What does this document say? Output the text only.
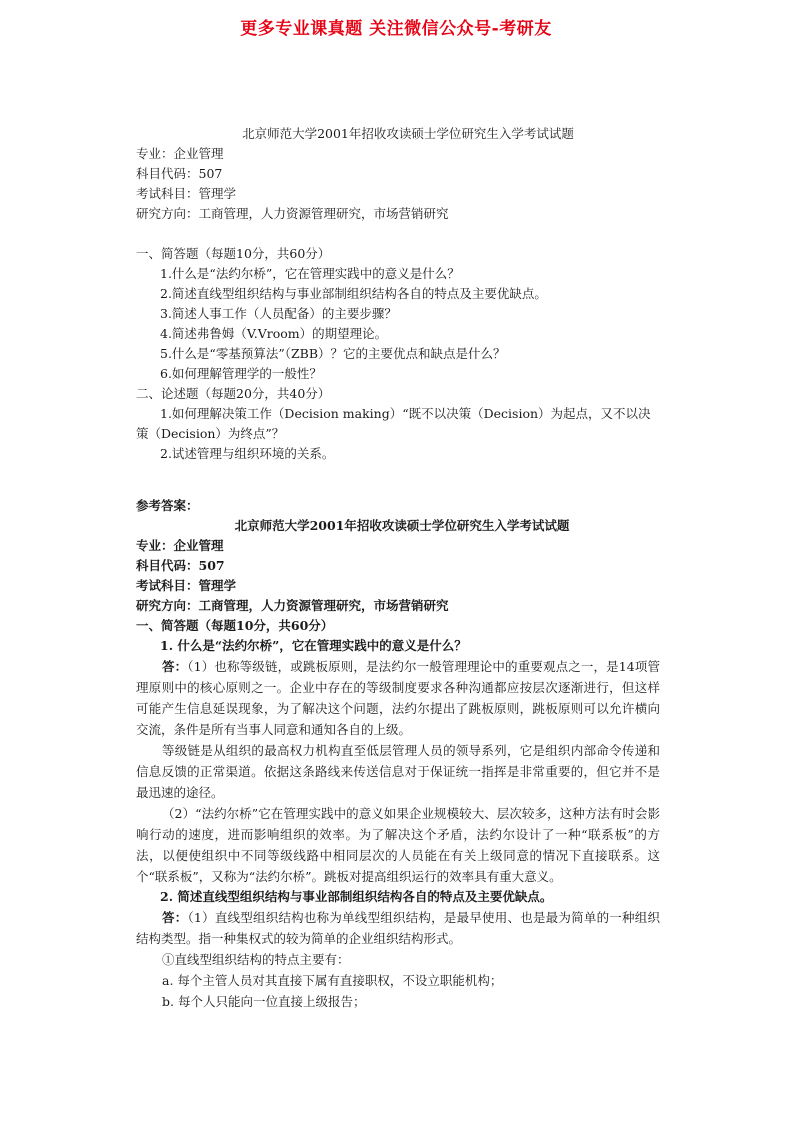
更多专业课真题 关注微信公众号-考研友
北京师范大学2001年招收攻读硕士学位研究生入学考试试题
专业：企业管理
科目代码：507
考试科目：管理学
研究方向：工商管理，人力资源管理研究，市场营销研究
一、简答题（每题10分，共60分）
1.什么是“法约尔桥”，它在管理实践中的意义是什么？
2.简述直线型组织结构与事业部制组织结构各自的特点及主要优缺点。
3.简述人事工作（人员配备）的主要步骤？
4.简述弗鲁姆（V.Vroom）的期望理论。
5.什么是“零基预算法”（ZBB）？它的主要优点和缺点是什么？
6.如何理解管理学的一般性？
二、论述题（每题20分，共40分）
1.如何理解决策工作（Decision making）“既不以决策（Decision）为起点，又不以决策（Decision）为终点”？
2.试述管理与组织环境的关系。
参考答案：
北京师范大学2001年招收攻读硕士学位研究生入学考试试题
专业：企业管理
科目代码：507
考试科目：管理学
研究方向：工商管理，人力资源管理研究，市场营销研究
一、简答题（每题10分，共60分）
1. 什么是“法约尔桥”，它在管理实践中的意义是什么？
答：（1）也称等级链，或跳板原则，是法约尔一般管理理论中的重要观点之一，是14项管理原则中的核心原则之一。企业中存在的等级制度要求各种沟通都应按层次逐渐进行，但这样可能产生信息延误现象，为了解决这个问题，法约尔提出了跳板原则，跳板原则可以允许横向交流，条件是所有当事人同意和通知各自的上级。
等级链是从组织的最高权力机构直至低层管理人员的领导系列，它是组织内部命令传递和信息反馈的正常渠道。依据这条路线来传送信息对于保证统一指挥是非常重要的，但它并不是最迅速的途径。
（2）“法约尔桥”它在管理实践中的意义如果企业规模较大、层次较多，这种方法有时会影响行动的速度，进而影响组织的效率。为了解决这个矛盾，法约尔设计了一种“联系板”的方法，以便使组织中不同等级线路中相同层次的人员能在有关上级同意的情况下直接联系。这个“联系板”，又称为“法约尔桥”。跳板对提高组织运行的效率具有重大意义。
2. 简述直线型组织结构与事业部制组织结构各自的特点及主要优缺点。
答：（1）直线型组织结构也称为单线型组织结构，是最早使用、也是最为简单的一种组织结构类型。指一种集权式的较为简单的企业组织结构形式。
①直线型组织结构的特点主要有：
a. 每个主管人员对其直接下属有直接职权，不设立职能机构；
b. 每个人只能向一位直接上级报告；
